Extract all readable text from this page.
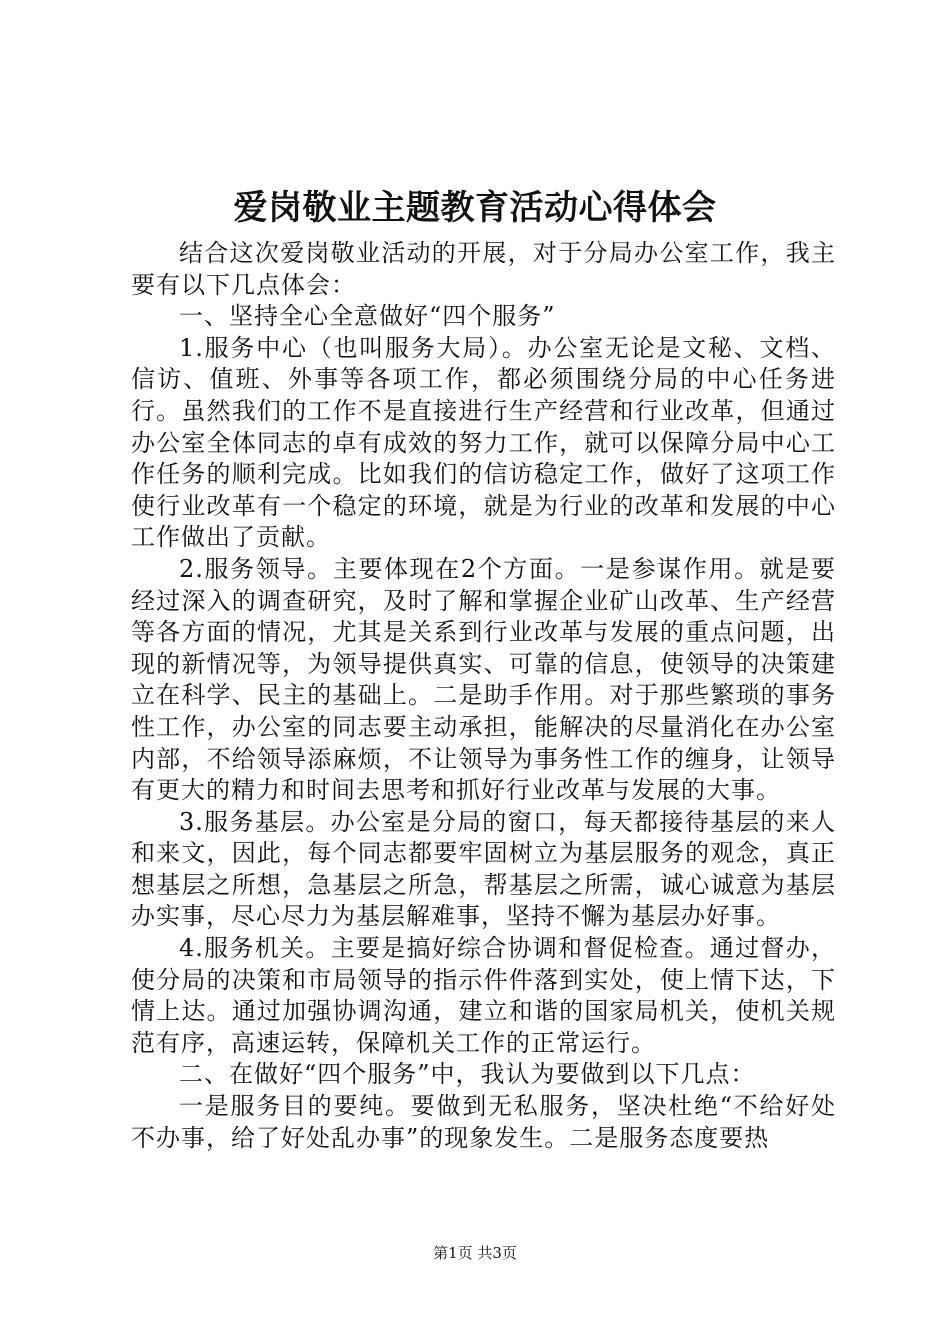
爱岗敬业主题教育活动心得体会

结合这次爱岗敬业活动的开展，对于分局办公室工作，我主要有以下几点体会：

一、坚持全心全意做好“四个服务”

1.服务中心（也叫服务大局）。办公室无论是文秘、文档、信访、值班、外事等各项工作，都必须围绕分局的中心任务进行。虽然我们的工作不是直接进行生产经营和行业改革，但通过办公室全体同志的卓有成效的努力工作，就可以保障分局中心工作任务的顺利完成。比如我们的信访稳定工作，做好了这项工作使行业改革有一个稳定的环境，就是为行业的改革和发展的中心工作做出了贡献。

2.服务领导。主要体现在2个方面。一是参谋作用。就是要经过深入的调查研究，及时了解和掌握企业矿山改革、生产经营等各方面的情况，尤其是关系到行业改革与发展的重点问题，出现的新情况等，为领导提供真实、可靠的信息，使领导的决策建立在科学、民主的基础上。二是助手作用。对于那些繁琐的事务性工作，办公室的同志要主动承担，能解决的尽量消化在办公室内部，不给领导添麻烦，不让领导为事务性工作的缠身，让领导有更大的精力和时间去思考和抓好行业改革与发展的大事。

3.服务基层。办公室是分局的窗口，每天都接待基层的来人和来文，因此，每个同志都要牢固树立为基层服务的观念，真正想基层之所想，急基层之所急，帮基层之所需，诚心诚意为基层办实事，尽心尽力为基层解难事，坚持不懈为基层办好事。

4.服务机关。主要是搞好综合协调和督促检查。通过督办，使分局的决策和市局领导的指示件件落到实处，使上情下达，下情上达。通过加强协调沟通，建立和谐的国家局机关，使机关规范有序，高速运转，保障机关工作的正常运行。

二、在做好“四个服务”中，我认为要做到以下几点：

一是服务目的要纯。要做到无私服务，坚决杜绝“不给好处不办事，给了好处乱办事”的现象发生。二是服务态度要热

第1页 共3页
